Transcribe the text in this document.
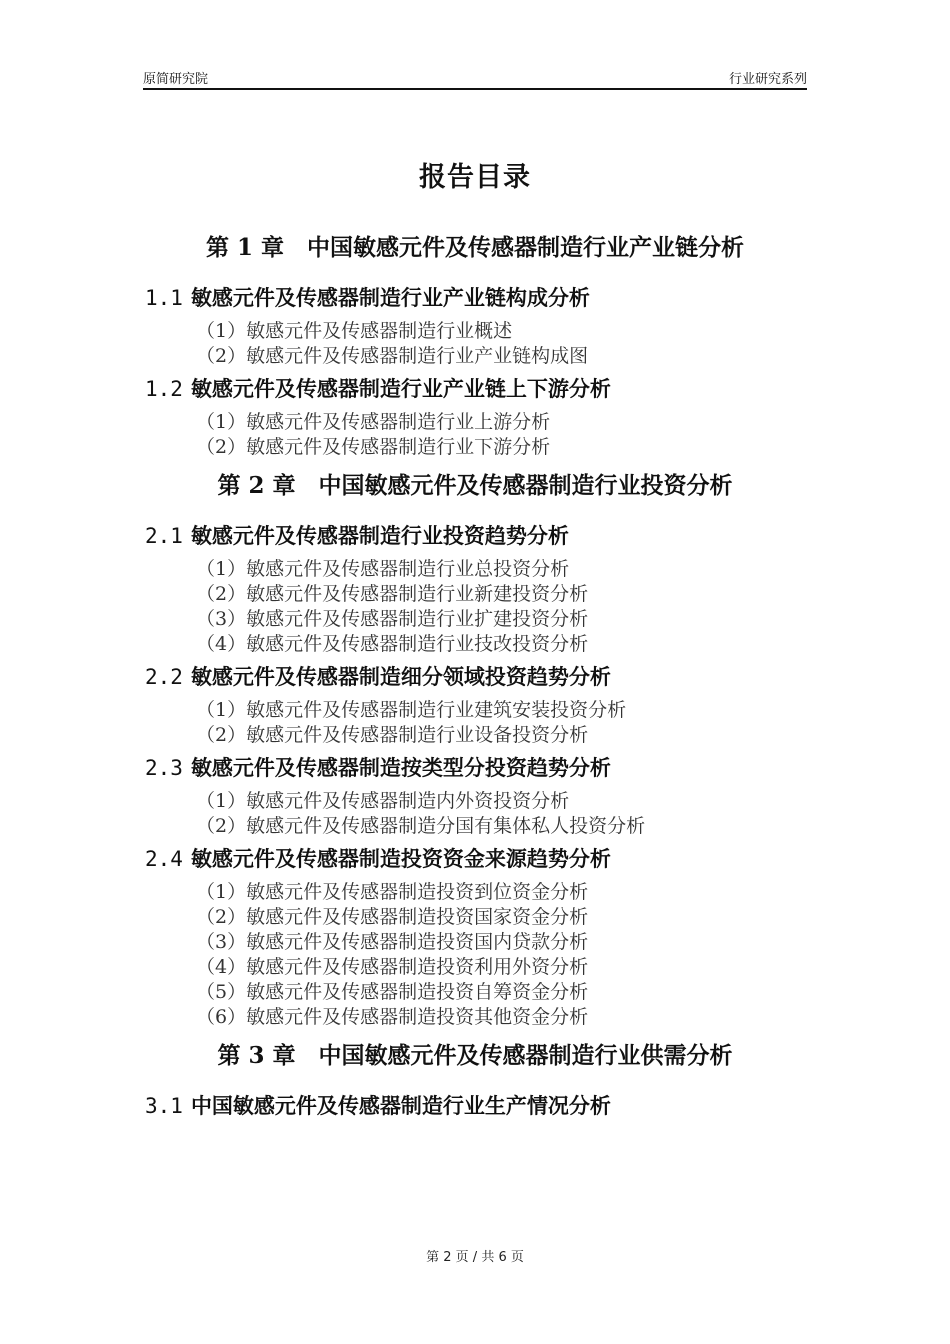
原简研究院	行业研究系列
报告目录
第 1 章　中国敏感元件及传感器制造行业产业链分析
1.1 敏感元件及传感器制造行业产业链构成分析
（1）敏感元件及传感器制造行业概述
（2）敏感元件及传感器制造行业产业链构成图
1.2 敏感元件及传感器制造行业产业链上下游分析
（1）敏感元件及传感器制造行业上游分析
（2）敏感元件及传感器制造行业下游分析
第 2 章　中国敏感元件及传感器制造行业投资分析
2.1 敏感元件及传感器制造行业投资趋势分析
（1）敏感元件及传感器制造行业总投资分析
（2）敏感元件及传感器制造行业新建投资分析
（3）敏感元件及传感器制造行业扩建投资分析
（4）敏感元件及传感器制造行业技改投资分析
2.2 敏感元件及传感器制造细分领域投资趋势分析
（1）敏感元件及传感器制造行业建筑安装投资分析
（2）敏感元件及传感器制造行业设备投资分析
2.3 敏感元件及传感器制造按类型分投资趋势分析
（1）敏感元件及传感器制造内外资投资分析
（2）敏感元件及传感器制造分国有集体私人投资分析
2.4 敏感元件及传感器制造投资资金来源趋势分析
（1）敏感元件及传感器制造投资到位资金分析
（2）敏感元件及传感器制造投资国家资金分析
（3）敏感元件及传感器制造投资国内贷款分析
（4）敏感元件及传感器制造投资利用外资分析
（5）敏感元件及传感器制造投资自筹资金分析
（6）敏感元件及传感器制造投资其他资金分析
第 3 章　中国敏感元件及传感器制造行业供需分析
3.1 中国敏感元件及传感器制造行业生产情况分析
第 2 页 / 共 6 页
